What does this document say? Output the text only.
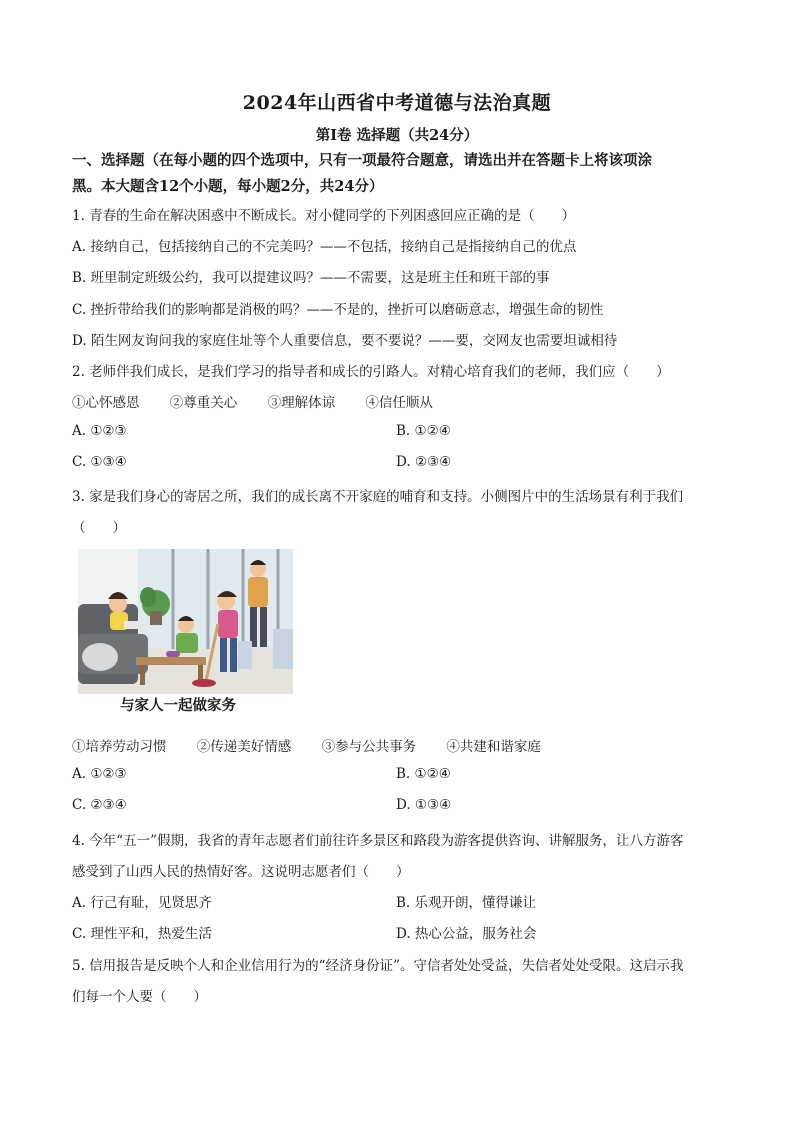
2024年山西省中考道德与法治真题
第I卷 选择题（共24分）
一、选择题（在每小题的四个选项中，只有一项最符合题意，请选出并在答题卡上将该项涂
黑。本大题含12个小题，每小题2分，共24分）
1. 青春的生命在解决困惑中不断成长。对小健同学的下列困惑回应正确的是（　　）
A. 接纳自己，包括接纳自己的不完美吗？——不包括，接纳自己是指接纳自己的优点
B. 班里制定班级公约，我可以提建议吗？——不需要，这是班主任和班干部的事
C. 挫折带给我们的影响都是消极的吗？——不是的，挫折可以磨砺意志，增强生命的韧性
D. 陌生网友询问我的家庭住址等个人重要信息，要不要说？——要，交网友也需要坦诚相待
2. 老师伴我们成长，是我们学习的指导者和成长的引路人。对精心培育我们的老师，我们应（　　）
①心怀感恩 ②尊重关心 ③理解体谅 ④信任顺从
A. ①②③	B. ①②④
C. ①③④	D. ②③④
3. 家是我们身心的寄居之所，我们的成长离不开家庭的哺育和支持。小侧图片中的生活场景有利于我们
（　　）
与家人一起做家务
①培养劳动习惯 ②传递美好情感 ③参与公共事务 ④共建和谐家庭
A. ①②③	B. ①②④
C. ②③④	D. ①③④
4. 今年“五一”假期，我省的青年志愿者们前往许多景区和路段为游客提供咨询、讲解服务，让八方游客
感受到了山西人民的热情好客。这说明志愿者们（　　）
A. 行己有耻，见贤思齐	B. 乐观开朗，懂得谦让
C. 理性平和，热爱生活	D. 热心公益，服务社会
5. 信用报告是反映个人和企业信用行为的“经济身份证”。守信者处处受益，失信者处处受限。这启示我
们每一个人要（　　）
